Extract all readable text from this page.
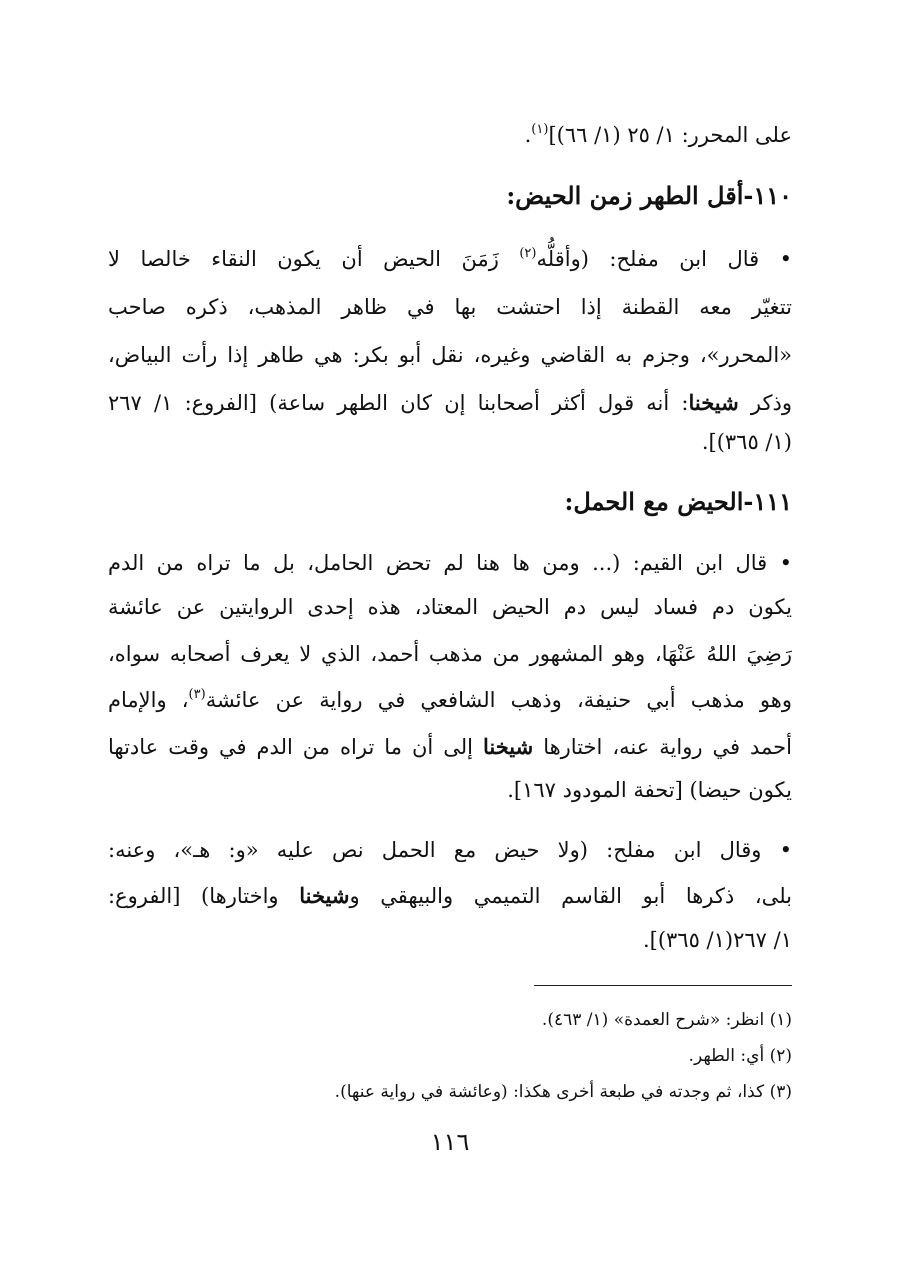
على المحرر: ١/ ٢٥ (١/ ٦٦)]$^{(١)}$.
١١٠-أقل الطهر زمن الحيض:
• قال ابن مفلح: (وأقلُّه$^{(٢)}$ زَمَنَ الحيض أن يكون النقاء خالصا لا
تتغيّر معه القطنة إذا احتشت بها في ظاهر المذهب، ذكره صاحب
«المحرر»، وجزم به القاضي وغيره، نقل أبو بكر: هي طاهر إذا رأت البياض،
وذكر شيخنا: أنه قول أكثر أصحابنا إن كان الطهر ساعة) [الفروع: ١/ ٢٦٧
(١/ ٣٦٥)].
١١١-الحيض مع الحمل:
• قال ابن القيم: (... ومن ها هنا لم تحض الحامل، بل ما تراه من الدم
يكون دم فساد ليس دم الحيض المعتاد، هذه إحدى الروايتين عن عائشة
رَضِيَ اللهُ عَنْهَا، وهو المشهور من مذهب أحمد، الذي لا يعرف أصحابه سواه،
وهو مذهب أبي حنيفة، وذهب الشافعي في رواية عن عائشة$^{(٣)}$، والإمام
أحمد في رواية عنه، اختارها شيخنا إلى أن ما تراه من الدم في وقت عادتها
يكون حيضا) [تحفة المودود ١٦٧].
• وقال ابن مفلح: (ولا حيض مع الحمل نص عليه «و: هـ»، وعنه:
بلى، ذكرها أبو القاسم التميمي والبيهقي وشيخنا واختارها) [الفروع:
١/ ٢٦٧(١/ ٣٦٥)].
(١) انظر: «شرح العمدة» (١/ ٤٦٣).
(٢) أي: الطهر.
(٣) كذا، ثم وجدته في طبعة أخرى هكذا: (وعائشة في رواية عنها).
١١٦
